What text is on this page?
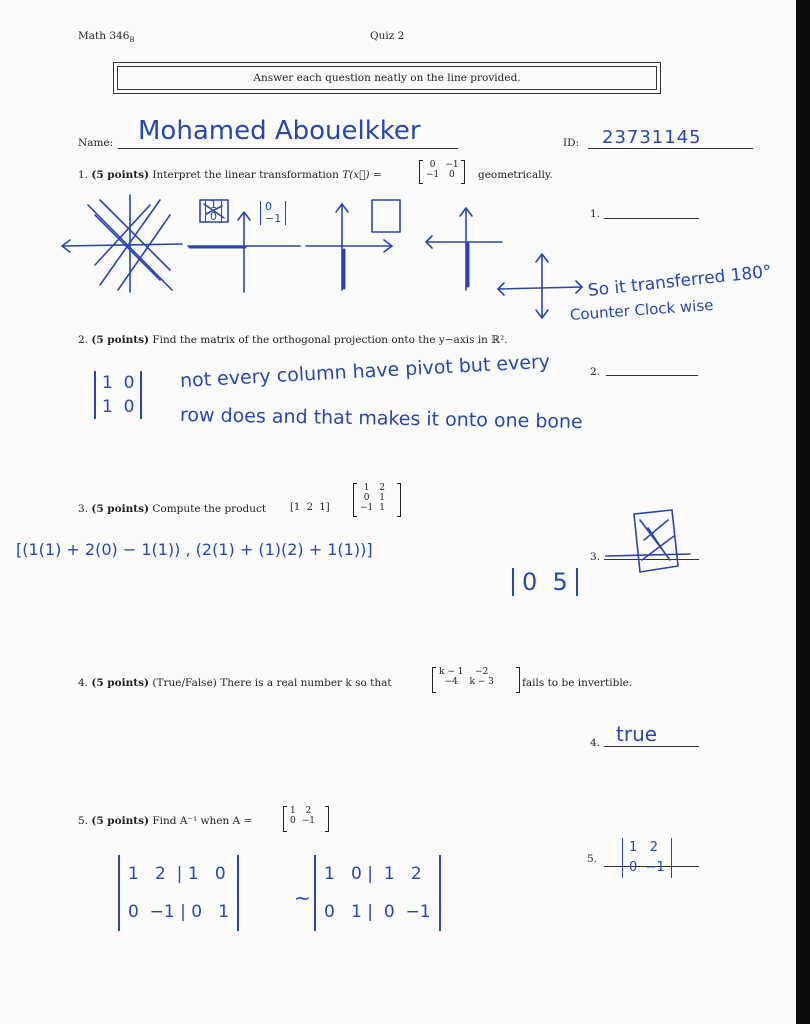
Math $346_B$	Quiz 2
Answer each question neatly on the line provided.
Name: Mohamed Abouelkker	ID: 23731145
1. (5 points) Interpret the linear transformation T(x⃗) =
0	−1
−1	0 geometrically.
1.
1
0
0
−1
So it transferred 180°
Counter Clock wise
2. (5 points) Find the matrix of the orthogonal projection onto the y−axis in ℝ².
2.
1 0
1 0
not every column have pivot but every
row does and that makes it onto one bone
3. (5 points) Compute the product [1 2 1]
1	2
0	1
−1	1
[(1(1) + 2(0) − 1(1)) , (2(1) + (1)(2) + 1(1))]
0 5
3.
4. (5 points) (True/False) There is a real number k so that
k − 1	−2
−4	k − 3	fails to be invertible.
4. true
5. (5 points) Find A⁻¹ when A =
1	2
0	−1
5.
1 2  | 1 0
0 −1 | 0 1
~
1 0 |  1 2
0 1 |  0 −1
1 2
0 −1
